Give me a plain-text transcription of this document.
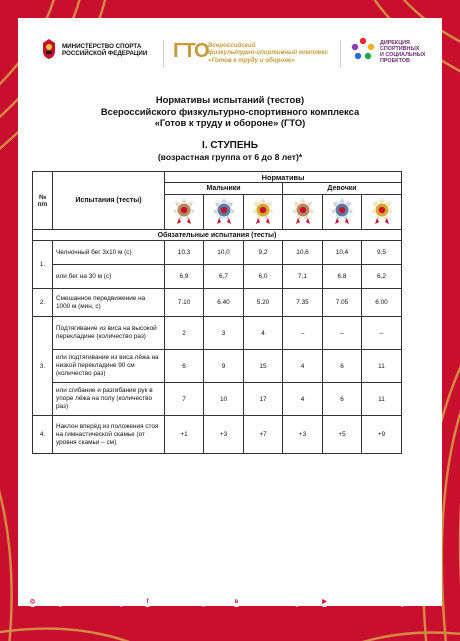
МИНИСТЕРСТВО СПОРТА
РОССИЙСКОЙ ФЕДЕРАЦИИ ГТО Всероссийский
физкультурно-спортивный комплекс
«Готов к труду и обороне»
ДИРЕКЦИЯ
СПОРТИВНЫХ
И СОЦИАЛЬНЫХ
ПРОЕКТОВ
Нормативы испытаний (тестов)
Всероссийского физкультурно-спортивного комплекса
«Готов к труду и обороне» (ГТО)
I. СТУПЕНЬ
(возрастная группа от 6 до 8 лет)*
№ п/п	Испытания (тесты)	Нормативы					
		Мальчики			Девочки		

Обязательные испытания (тесты)							
1.	Челночный бег 3х10 м (с)	10,3	10,0	9,2	10,6	10,4	9,5
	или бег на 30 м (с)	6,9	6,7	6,0	7,1	6,8	6,2
2.	Смешанное передвижение на 1000 м (мин, с)	7.10	6.40	5.20	7.35	7.05	6.00
3.	Подтягивание из виса на высокой перекладине (количество раз)	2	3	4	–	–	–
	или подтягивание из виса лёжа на низкой перекладине 90 см (количество раз)	6	9	15	4	6	11
	или сгибание и разгибание рук в упоре лёжа на полу (количество раз)	7	10	17	4	6	11
4.	Наклон вперёд из положения стоя на гимнастической скамье (от уровня скамьи – см)	+1	+3	+7	+3	+5	+9
◎ Instagram.com/vfsk_gto	f Fb.com/vfskgto	в Vk.com/vfsk_gto	▶ Youtube.com/vfskgtorussia
